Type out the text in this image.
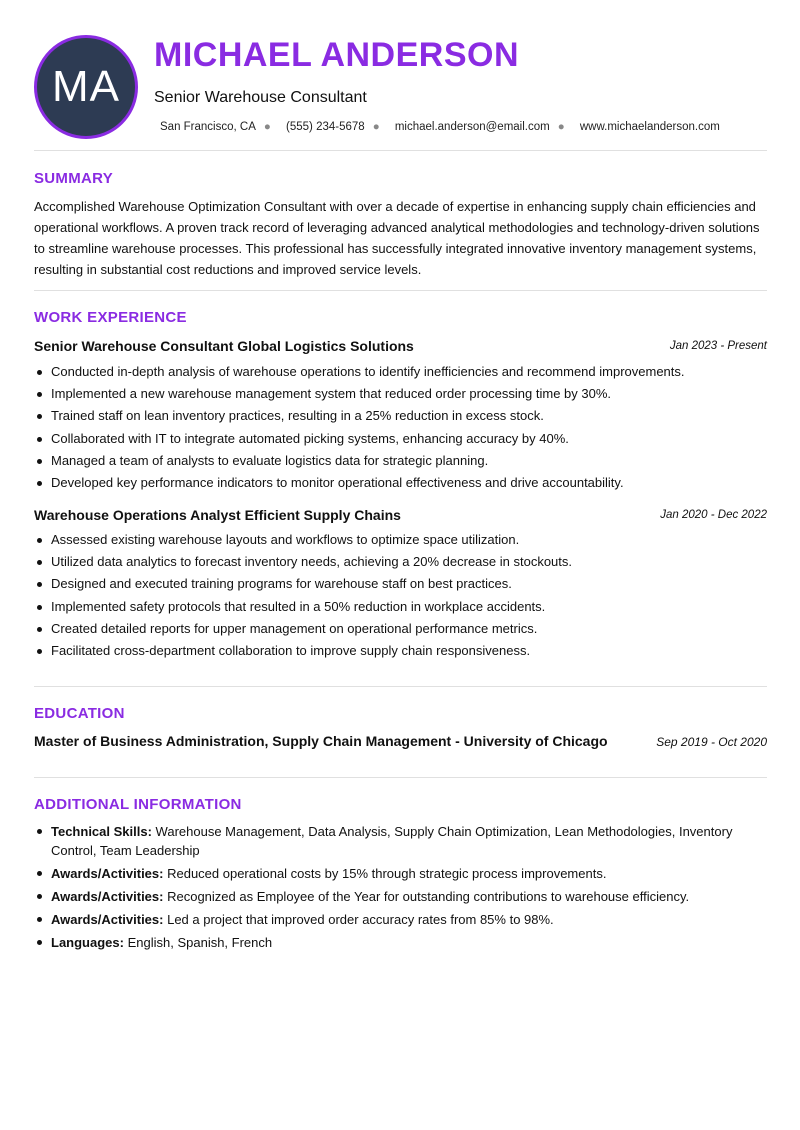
MA
MICHAEL ANDERSON
Senior Warehouse Consultant
San Francisco, CA ● (555) 234-5678 ● michael.anderson@email.com ● www.michaelanderson.com
SUMMARY

Accomplished Warehouse Optimization Consultant with over a decade of expertise in enhancing supply chain efficiencies and operational workflows. A proven track record of leveraging advanced analytical methodologies and technology-driven solutions to streamline warehouse processes. This professional has successfully integrated innovative inventory management systems, resulting in substantial cost reductions and improved service levels.

WORK EXPERIENCE
Senior Warehouse Consultant Global Logistics Solutions	Jan 2023 - Present
Conducted in-depth analysis of warehouse operations to identify inefficiencies and recommend improvements.
Implemented a new warehouse management system that reduced order processing time by 30%.
Trained staff on lean inventory practices, resulting in a 25% reduction in excess stock.
Collaborated with IT to integrate automated picking systems, enhancing accuracy by 40%.
Managed a team of analysts to evaluate logistics data for strategic planning.
Developed key performance indicators to monitor operational effectiveness and drive accountability.
Warehouse Operations Analyst Efficient Supply Chains	Jan 2020 - Dec 2022
Assessed existing warehouse layouts and workflows to optimize space utilization.
Utilized data analytics to forecast inventory needs, achieving a 20% decrease in stockouts.
Designed and executed training programs for warehouse staff on best practices.
Implemented safety protocols that resulted in a 50% reduction in workplace accidents.
Created detailed reports for upper management on operational performance metrics.
Facilitated cross-department collaboration to improve supply chain responsiveness.
EDUCATION
Master of Business Administration, Supply Chain Management - University of Chicago	Sep 2019 - Oct 2020
ADDITIONAL INFORMATION
Technical Skills: Warehouse Management, Data Analysis, Supply Chain Optimization, Lean Methodologies, Inventory Control, Team Leadership
Awards/Activities: Reduced operational costs by 15% through strategic process improvements.
Awards/Activities: Recognized as Employee of the Year for outstanding contributions to warehouse efficiency.
Awards/Activities: Led a project that improved order accuracy rates from 85% to 98%.
Languages: English, Spanish, French
